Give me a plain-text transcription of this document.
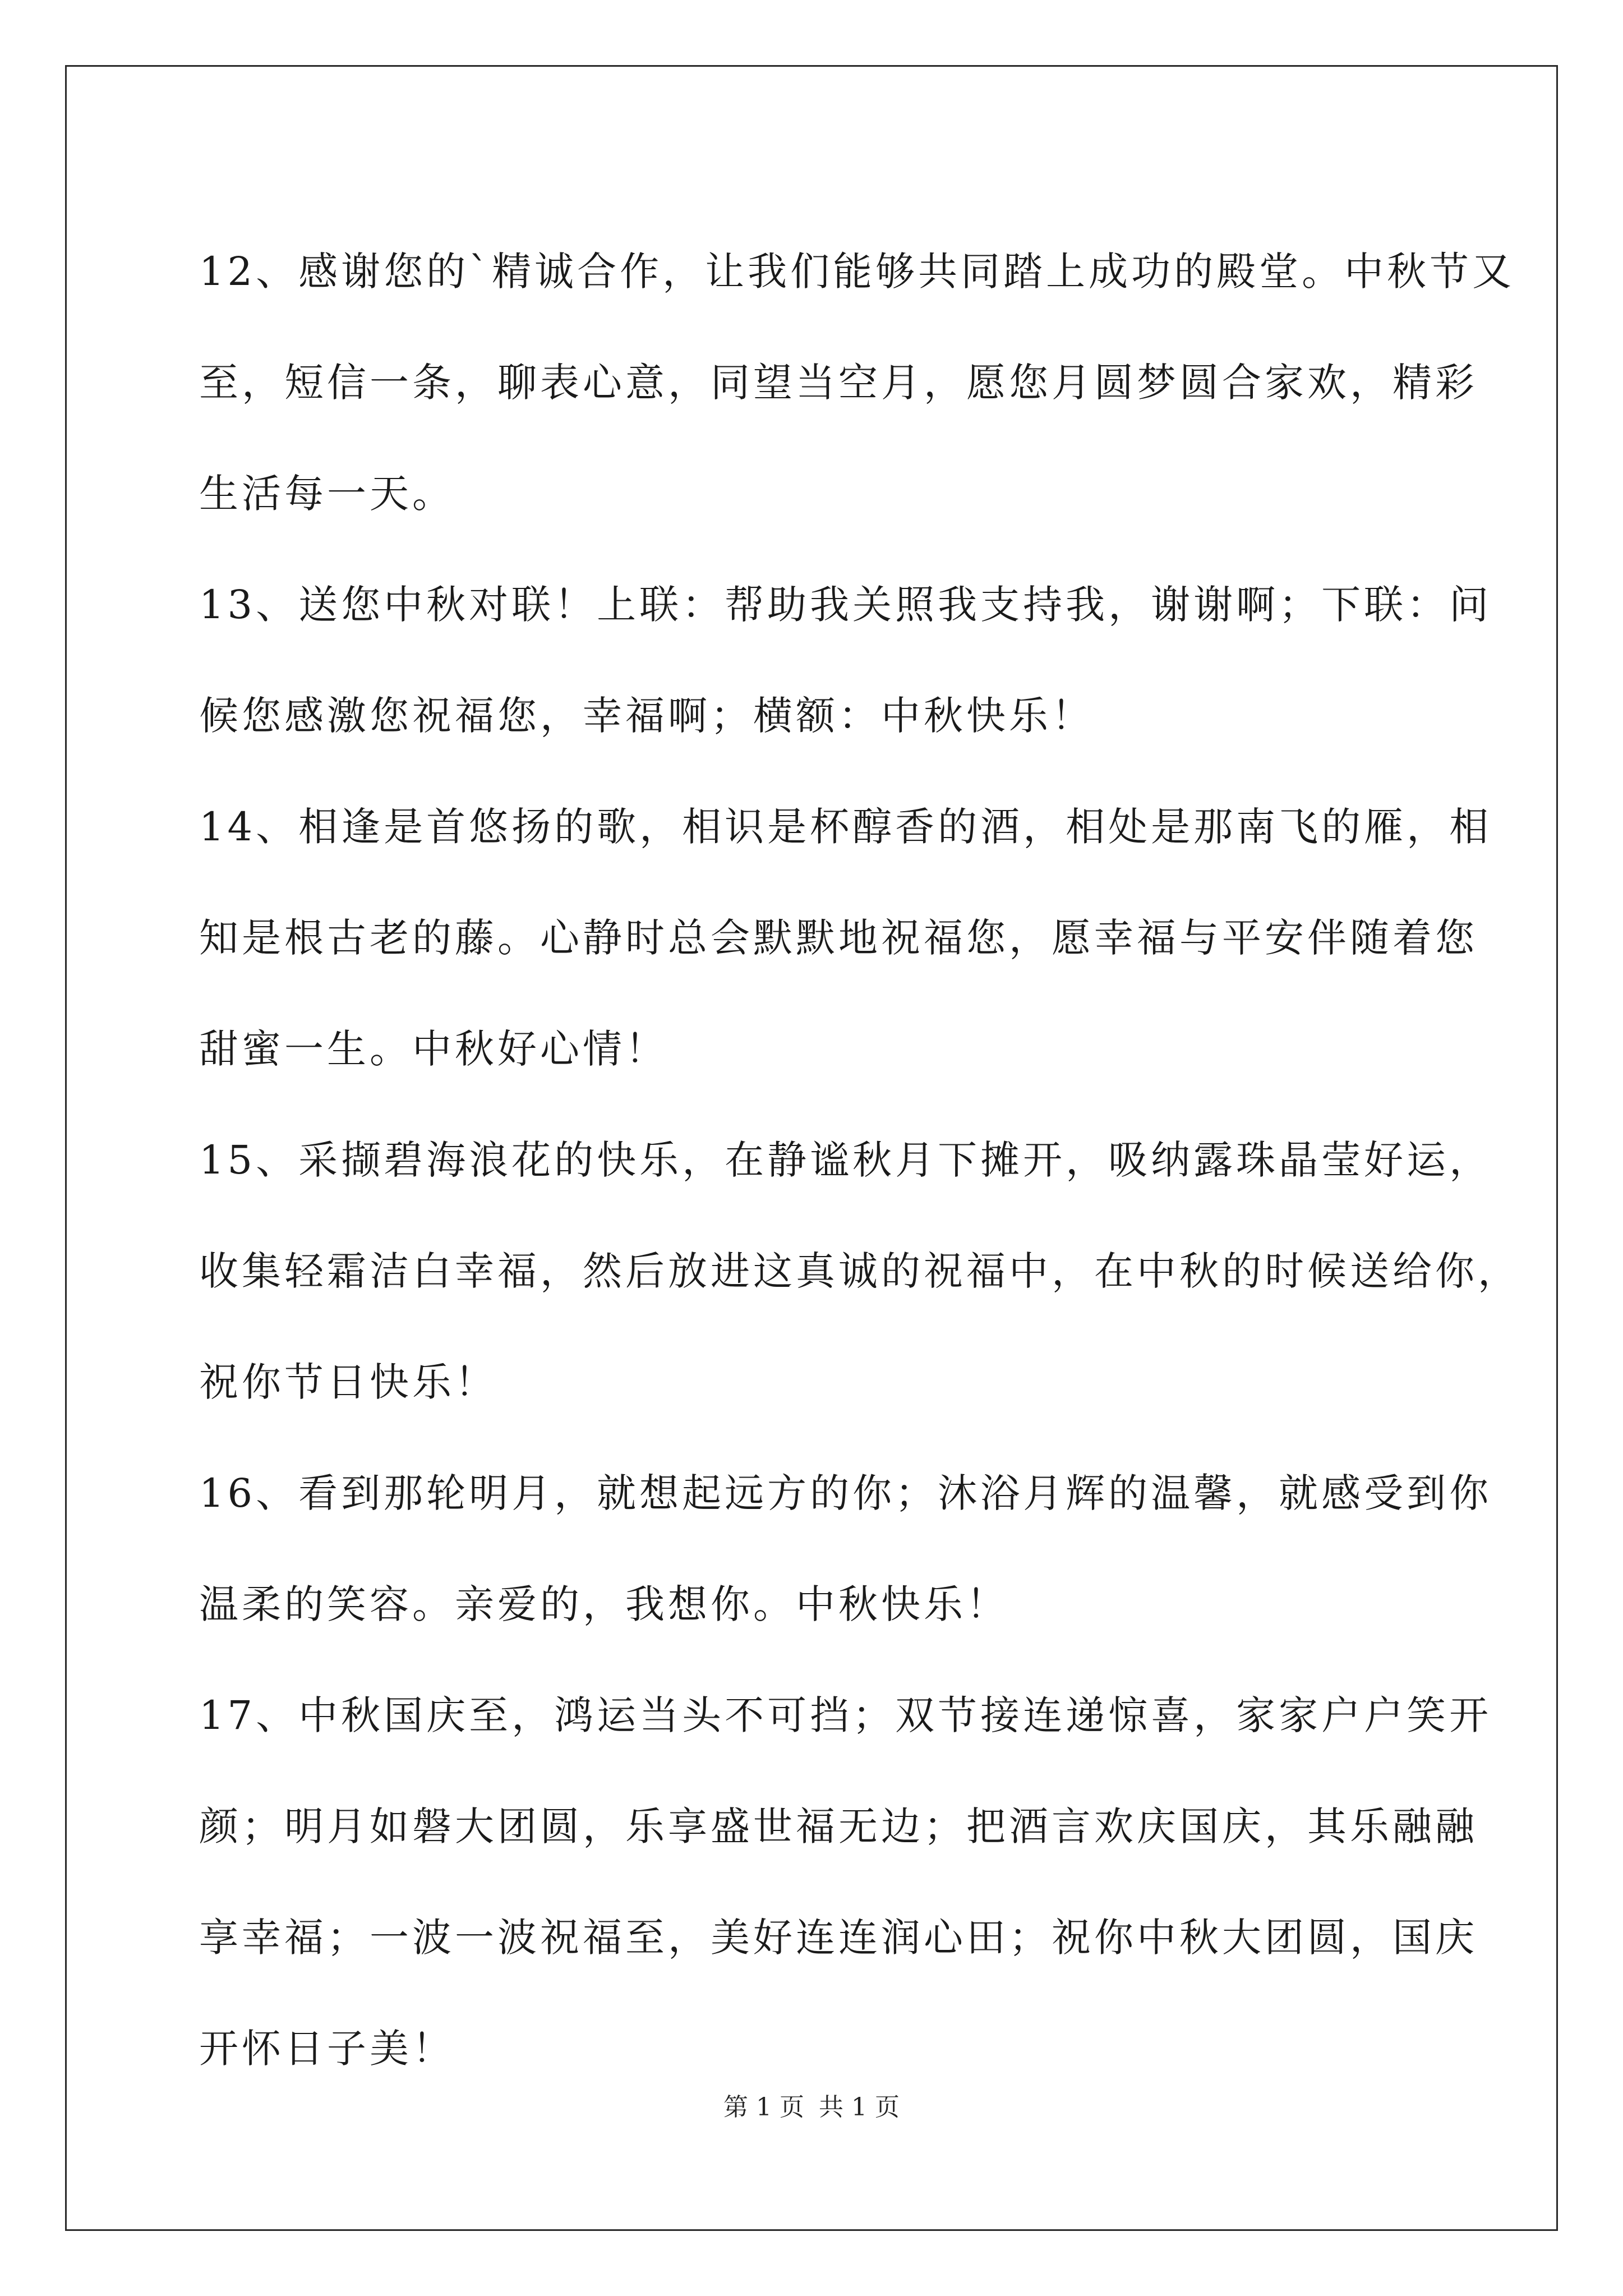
12、感谢您的`精诚合作，让我们能够共同踏上成功的殿堂。中秋节又
至，短信一条，聊表心意，同望当空月，愿您月圆梦圆合家欢，精彩
生活每一天。

13、送您中秋对联！上联：帮助我关照我支持我，谢谢啊；下联：问
候您感激您祝福您，幸福啊；横额：中秋快乐！

14、相逢是首悠扬的歌，相识是杯醇香的酒，相处是那南飞的雁，相
知是根古老的藤。心静时总会默默地祝福您，愿幸福与平安伴随着您
甜蜜一生。中秋好心情！

15、采撷碧海浪花的快乐，在静谧秋月下摊开，吸纳露珠晶莹好运，
收集轻霜洁白幸福，然后放进这真诚的祝福中，在中秋的时候送给你，
祝你节日快乐！

16、看到那轮明月，就想起远方的你；沐浴月辉的温馨，就感受到你
温柔的笑容。亲爱的，我想你。中秋快乐！

17、中秋国庆至，鸿运当头不可挡；双节接连递惊喜，家家户户笑开
颜；明月如磐大团圆，乐享盛世福无边；把酒言欢庆国庆，其乐融融
享幸福；一波一波祝福至，美好连连润心田；祝你中秋大团圆，国庆
开怀日子美！

第 1 页 共 1 页
